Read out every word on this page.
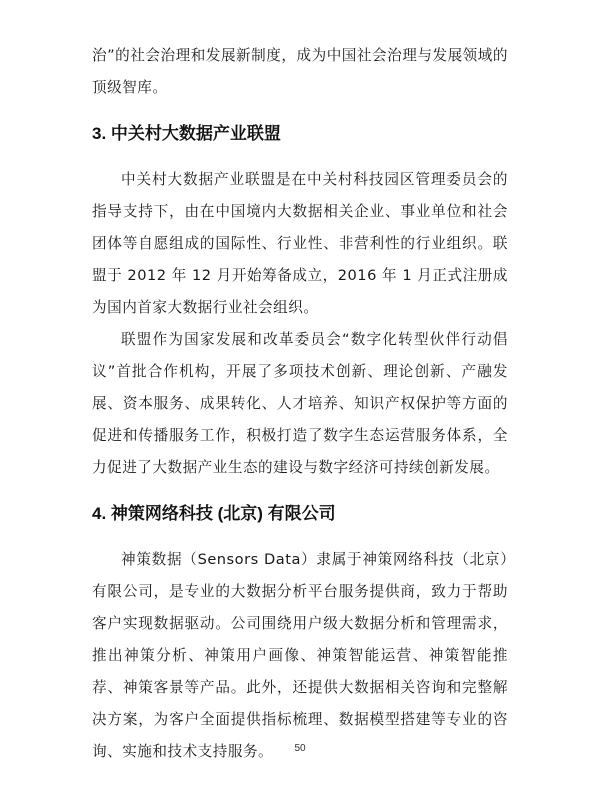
治”的社会治理和发展新制度，成为中国社会治理与发展领域的顶级智库。

3. 中关村大数据产业联盟

中关村大数据产业联盟是在中关村科技园区管理委员会的指导支持下，由在中国境内大数据相关企业、事业单位和社会团体等自愿组成的国际性、行业性、非营利性的行业组织。联盟于 2012 年 12 月开始筹备成立，2016 年 1 月正式注册成为国内首家大数据行业社会组织。

联盟作为国家发展和改革委员会“数字化转型伙伴行动倡议”首批合作机构，开展了多项技术创新、理论创新、产融发展、资本服务、成果转化、人才培养、知识产权保护等方面的促进和传播服务工作，积极打造了数字生态运营服务体系，全力促进了大数据产业生态的建设与数字经济可持续创新发展。

4. 神策网络科技 (北京) 有限公司

神策数据（Sensors Data）隶属于神策网络科技（北京）有限公司，是专业的大数据分析平台服务提供商，致力于帮助客户实现数据驱动。公司围绕用户级大数据分析和管理需求，推出神策分析、神策用户画像、神策智能运营、神策智能推荐、神策客景等产品。此外，还提供大数据相关咨询和完整解决方案，为客户全面提供指标梳理、数据模型搭建等专业的咨询、实施和技术支持服务。	50
